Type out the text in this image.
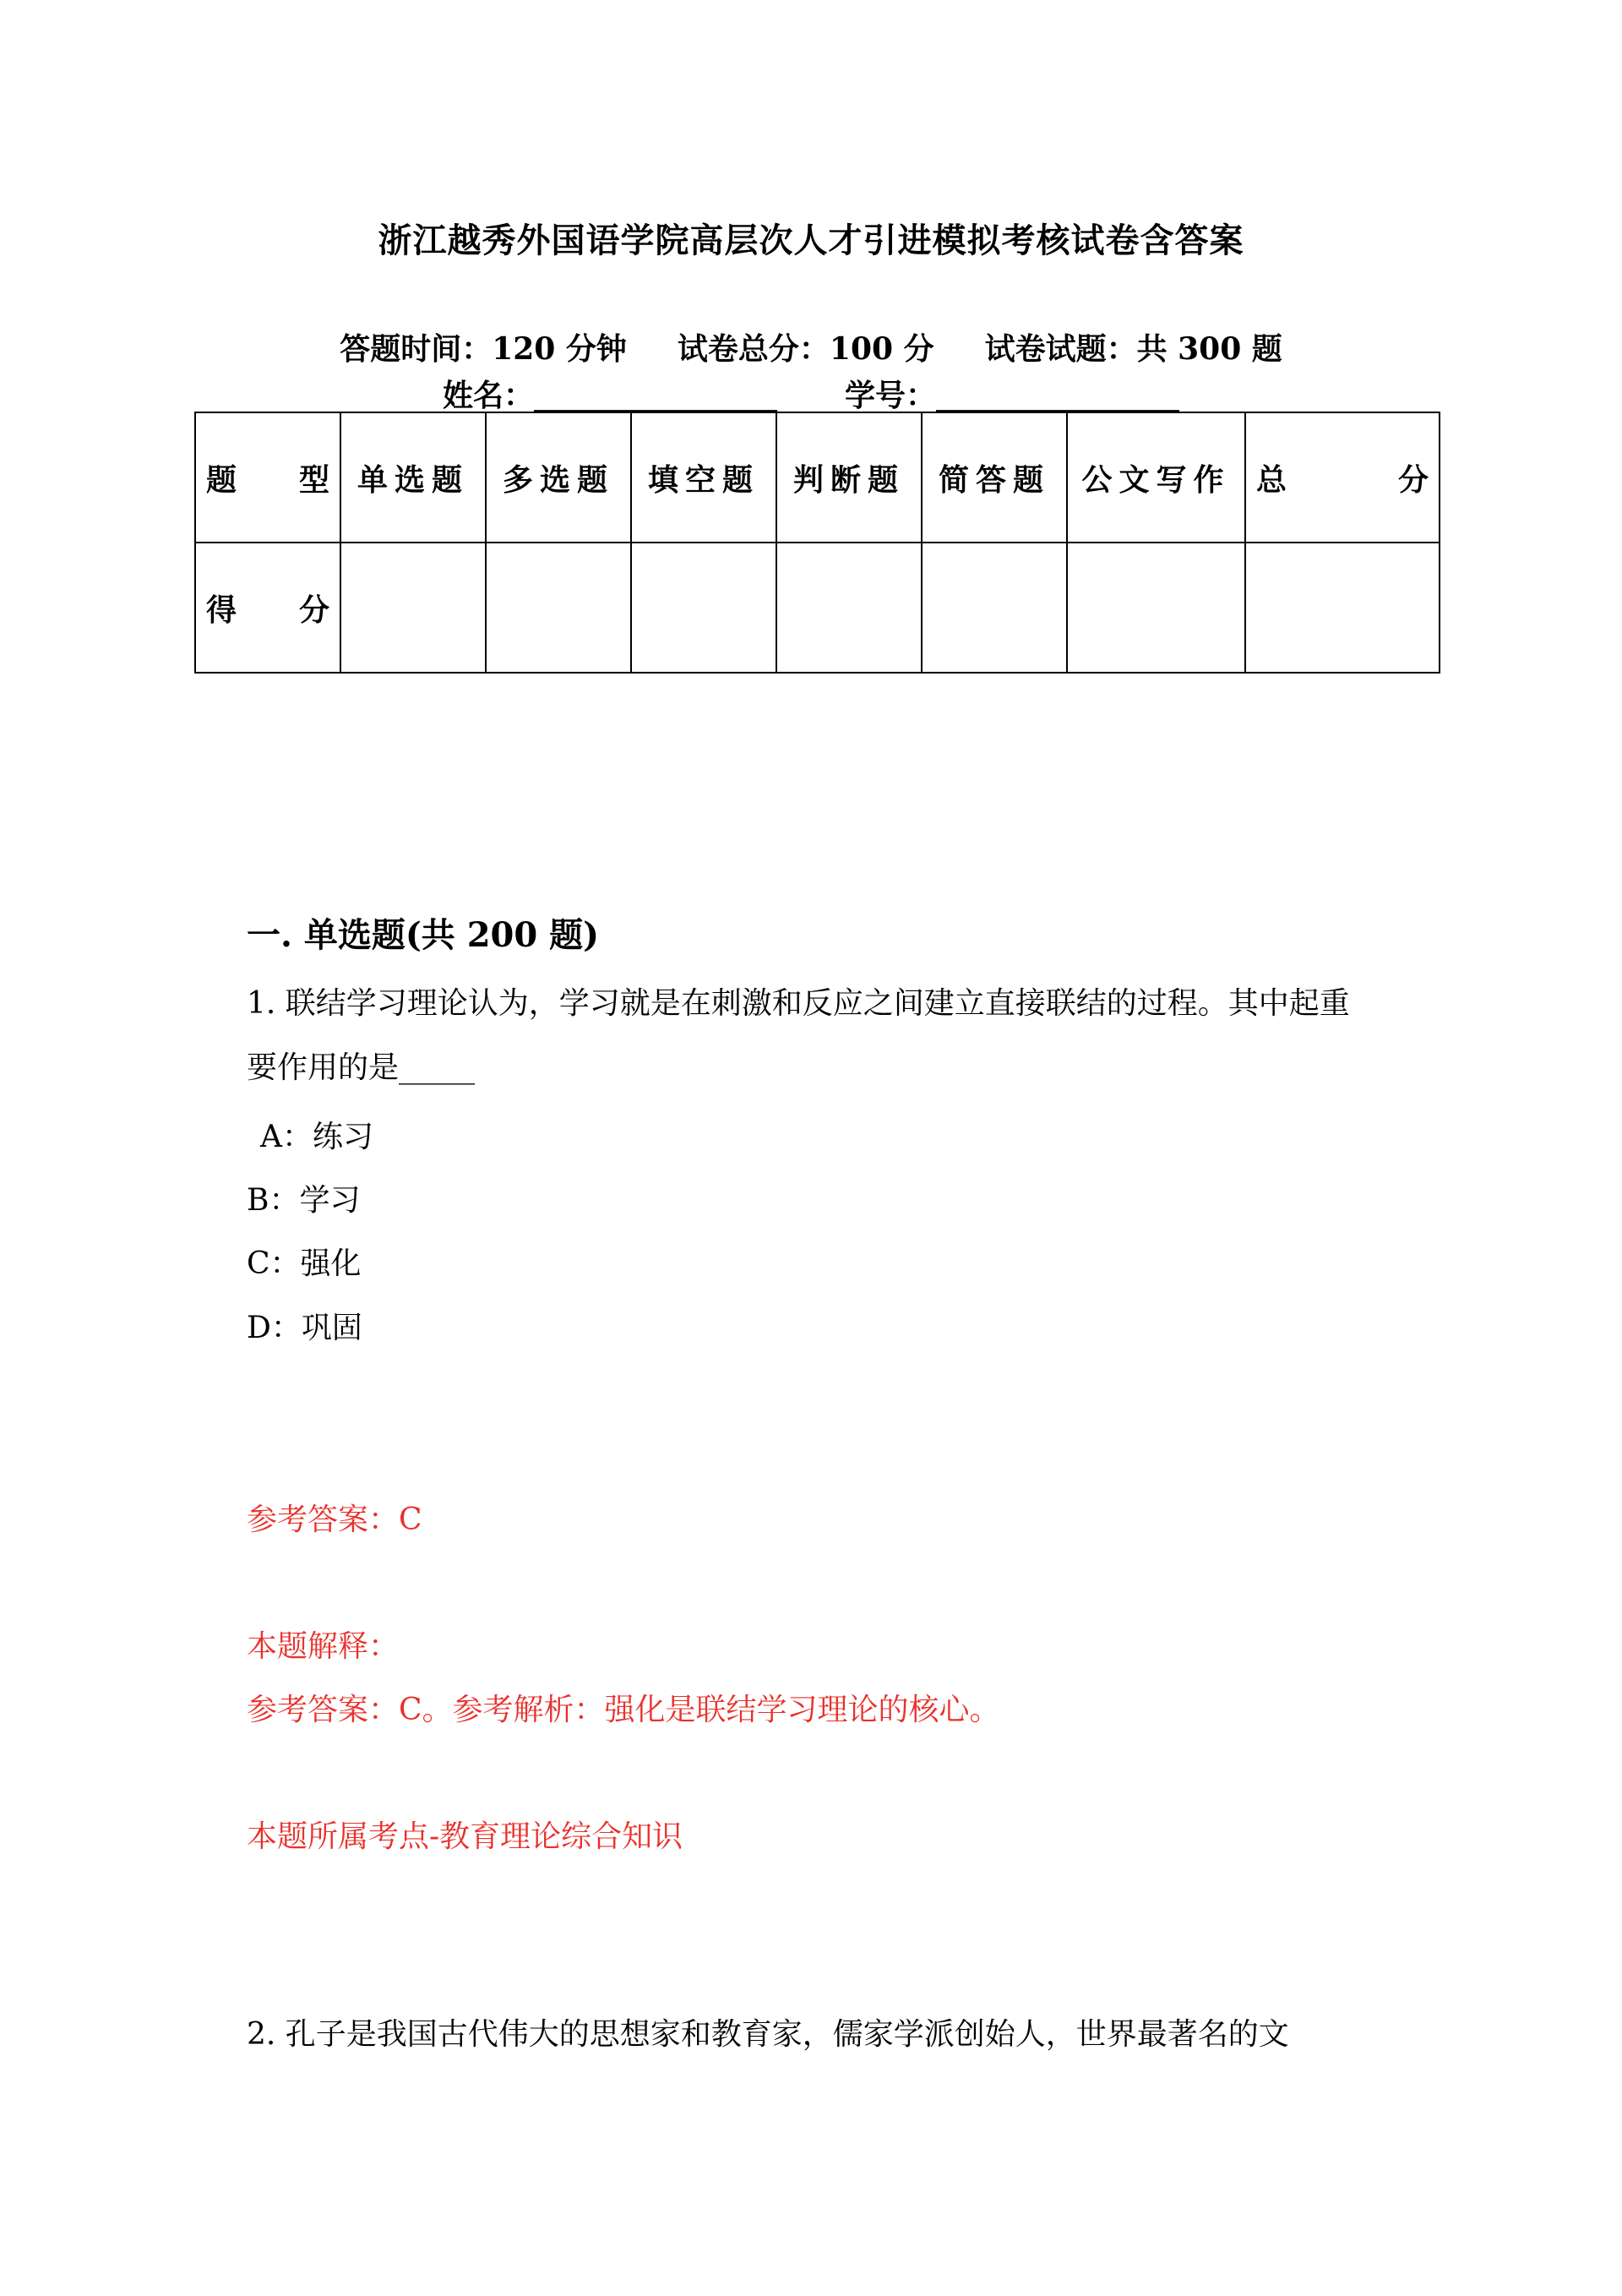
浙江越秀外国语学院高层次人才引进模拟考核试卷含答案
答题时间：120 分钟 试卷总分：100 分 试卷试题：共 300 题
姓名：________________ 学号：________________
题 型	单选题	多选题	填空题	判断题	简答题	公文写作	总 分

得 分							

一. 单选题(共 200 题)
1. 联结学习理论认为，学习就是在刺激和反应之间建立直接联结的过程。其中起重要作用的是_____
A：练习
B：学习
C：强化
D：巩固
参考答案：C
本题解释：
参考答案：C。参考解析：强化是联结学习理论的核心。
本题所属考点-教育理论综合知识
2. 孔子是我国古代伟大的思想家和教育家，儒家学派创始人，世界最著名的文
